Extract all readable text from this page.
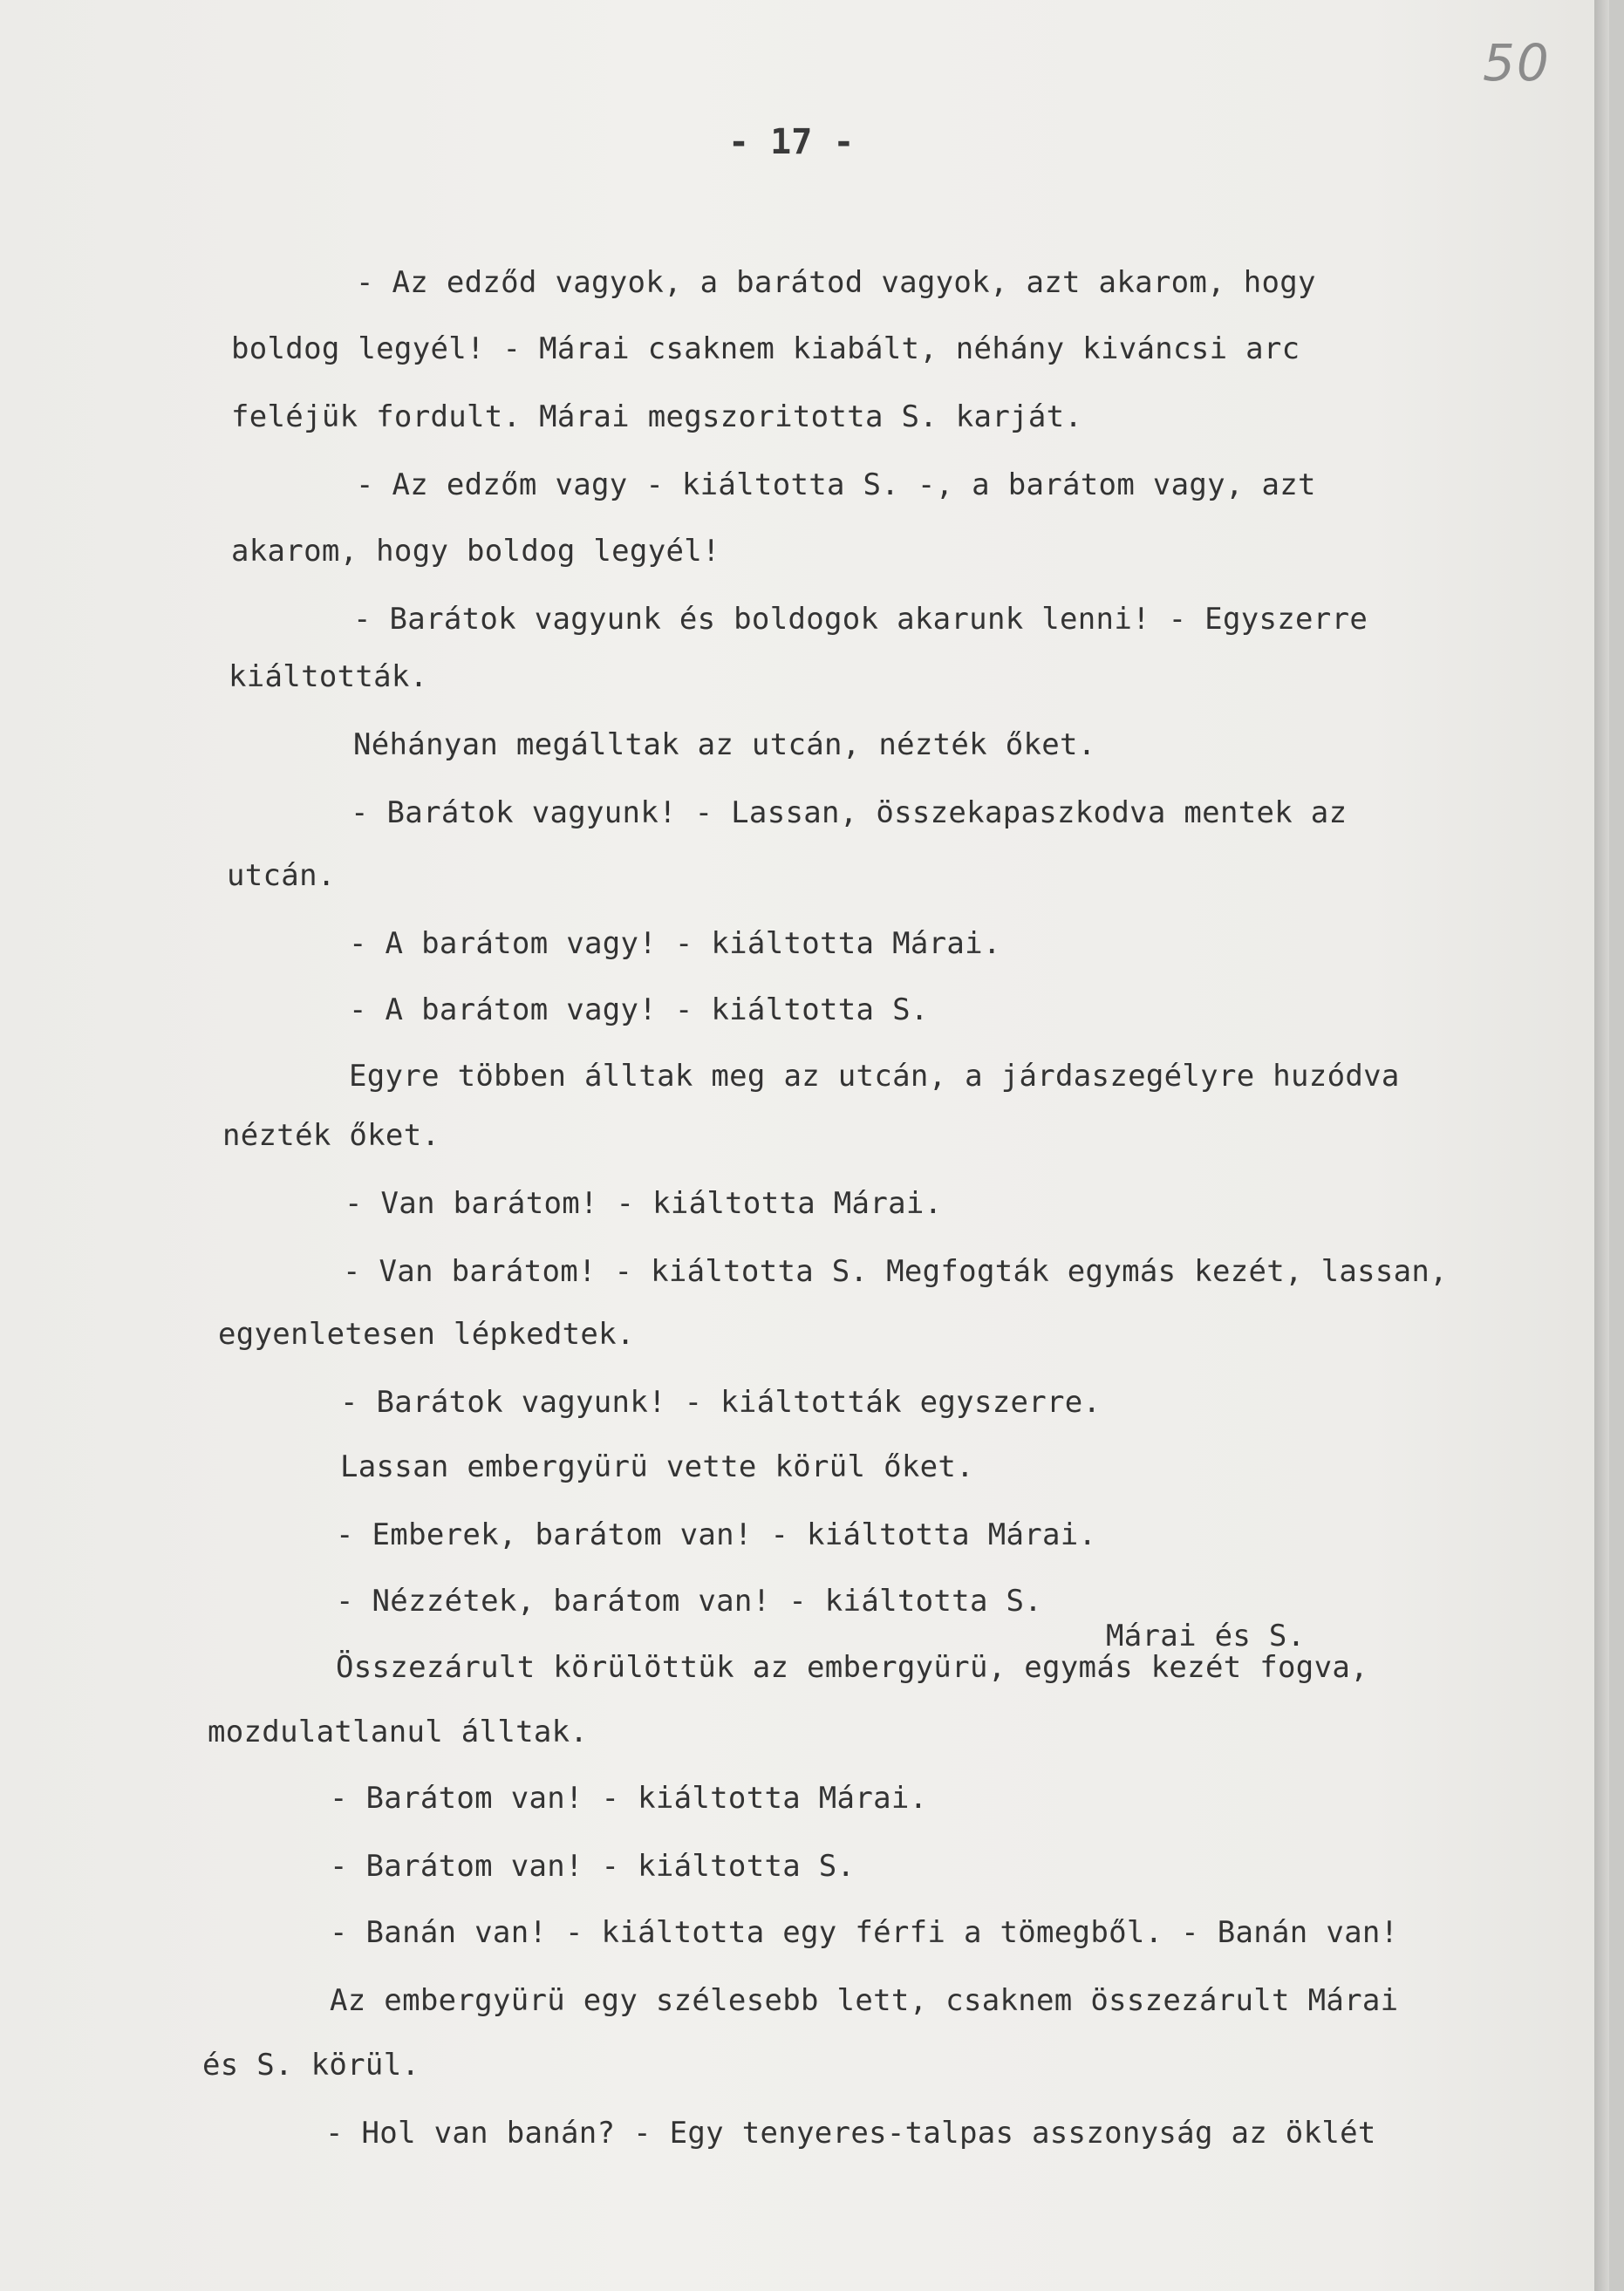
50
- 17 -
- Az edződ vagyok, a barátod vagyok, azt akarom, hogy
boldog legyél! - Márai csaknem kiabált, néhány kiváncsi arc
feléjük fordult. Márai megszoritotta S. karját.
- Az edzőm vagy - kiáltotta S. -, a barátom vagy, azt
akarom, hogy boldog legyél!
- Barátok vagyunk és boldogok akarunk lenni! - Egyszerre
kiáltották.
Néhányan megálltak az utcán, nézték őket.
- Barátok vagyunk! - Lassan, összekapaszkodva mentek az
utcán.
- A barátom vagy! - kiáltotta Márai.
- A barátom vagy! - kiáltotta S.
Egyre többen álltak meg az utcán, a járdaszegélyre huzódva
nézték őket.
- Van barátom! - kiáltotta Márai.
- Van barátom! - kiáltotta S. Megfogták egymás kezét, lassan,
egyenletesen lépkedtek.
- Barátok vagyunk! - kiáltották egyszerre.
Lassan embergyürü vette körül őket.
- Emberek, barátom van! - kiáltotta Márai.
- Nézzétek, barátom van! - kiáltotta S.
Márai és S.
Összezárult körülöttük az embergyürü, egymás kezét fogva,
mozdulatlanul álltak.
- Barátom van! - kiáltotta Márai.
- Barátom van! - kiáltotta S.
- Banán van! - kiáltotta egy férfi a tömegből. - Banán van!
Az embergyürü egy szélesebb lett, csaknem összezárult Márai
és S. körül.
- Hol van banán? - Egy tenyeres-talpas asszonyság az öklét
